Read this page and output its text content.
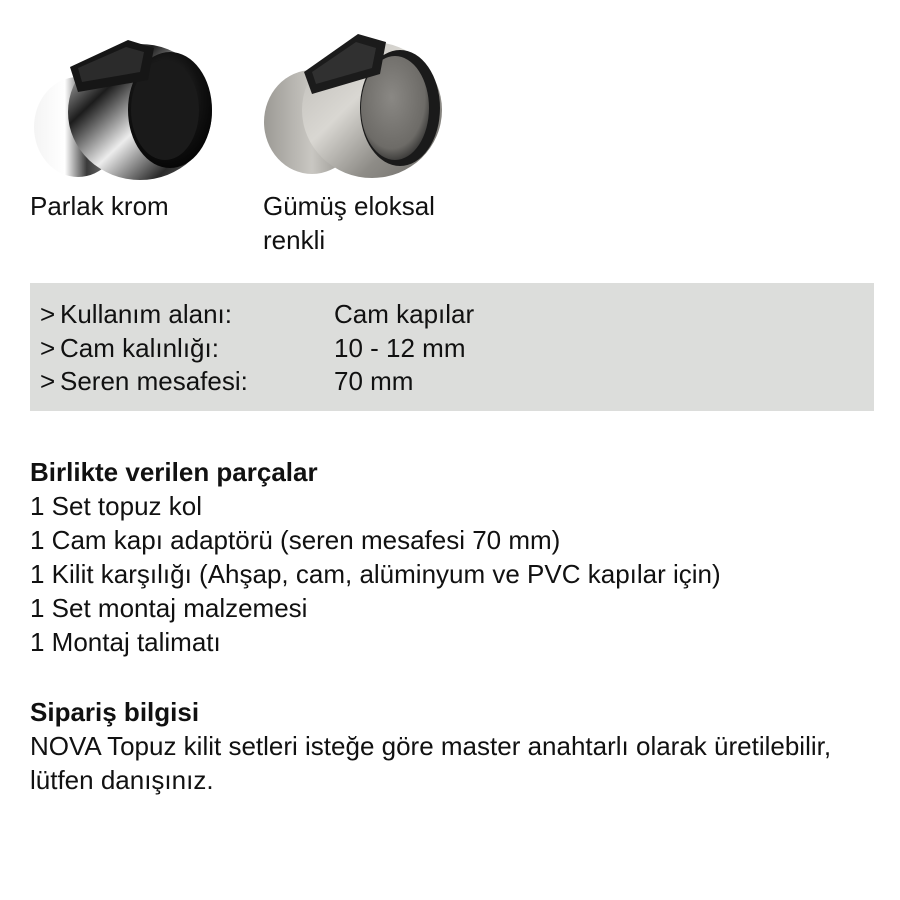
Parlak krom	Gümüş eloksal renkli

> Kullanım alanı:	Cam kapılar
> Cam kalınlığı:	10 - 12 mm
> Seren mesafesi:	70 mm
Birlikte verilen parçalar
1 Set topuz kol
1 Cam kapı adaptörü (seren mesafesi 70 mm)
1 Kilit karşılığı (Ahşap, cam, alüminyum ve PVC kapılar için)
1 Set montaj malzemesi
1 Montaj talimatı
Sipariş bilgisi

NOVA Topuz kilit setleri isteğe göre master anahtarlı olarak üretilebilir, lütfen danışınız.
